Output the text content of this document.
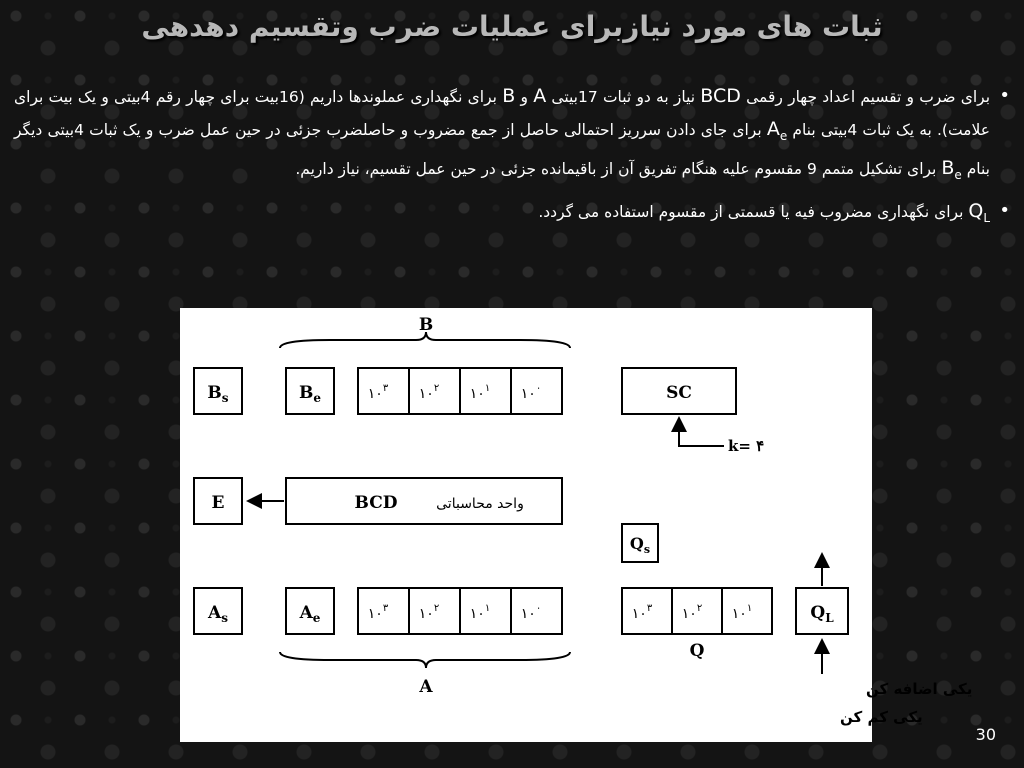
ثبات های مورد نیازبرای عملیات ضرب وتقسیم دهدهی
• برای ضرب و تقسیم اعداد چهار رقمی BCD نیاز به دو ثبات 17بیتی A و B برای نگهداری عملوندها داریم (16بیت برای چهار رقم 4بیتی و یک بیت برای علامت). به یک ثبات 4بیتی بنام $A_e$ برای جای دادن سرریز احتمالی حاصل از جمع مضروب و حاصلضرب جزئی در حین عمل ضرب و یک ثبات 4بیتی دیگر بنام $B_e$ برای تشکیل متمم 9 مقسوم علیه هنگام تفریق آن از باقیمانده جزئی در حین عمل تقسیم، نیاز داریم.
• $Q_L$ برای نگهداری مضروب فیه یا قسمتی از مقسوم استفاده می گردد.
B
$B_s$	$B_e$	$۱۰^۳$ $۱۰^۲$ $۱۰^۱$ $۱۰^۰$	SC
k= ۴
E	BCD	واحد محاسباتی
$Q_s$
$A_s$	$A_e$	$۱۰^۳$ $۱۰^۲$ $۱۰^۱$ $۱۰^۰$
A
$۱۰^۳$ $۱۰^۲$ $۱۰^۱$
Q
$Q_L$
یکی اضافه کن
یکی کم کن
30
